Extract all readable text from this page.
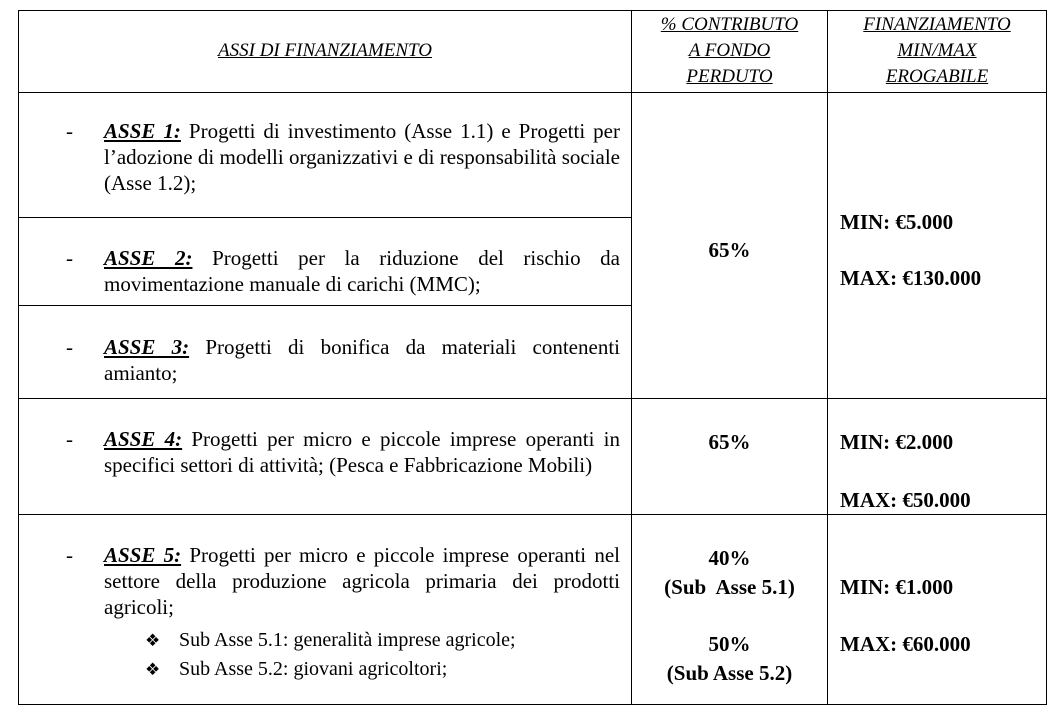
ASSI DI FINANZIAMENTO
% CONTRIBUTO
A FONDO
PERDUTO
FINANZIAMENTO
MIN/MAX
EROGABILE
- ASSE 1: Progetti di investimento (Asse 1.1) e Progetti per l’adozione di modelli organizzativi e di responsabilità sociale (Asse 1.2);
- ASSE 2: Progetti per la riduzione del rischio da movimentazione manuale di carichi (MMC);
- ASSE 3: Progetti di bonifica da materiali contenenti amianto;
65%
MIN: €5.000
MAX: €130.000
- ASSE 4: Progetti per micro e piccole imprese operanti in specifici settori di attività; (Pesca e Fabbricazione Mobili)
65%	MIN: €2.000
MAX: €50.000
- ASSE 5: Progetti per micro e piccole imprese operanti nel settore della produzione agricola primaria dei prodotti agricoli;
❖ Sub Asse 5.1: generalità imprese agricole;
❖ Sub Asse 5.2: giovani agricoltori;
40%
(Sub  Asse 5.1)
50%
(Sub Asse 5.2)
MIN: €1.000
MAX: €60.000
